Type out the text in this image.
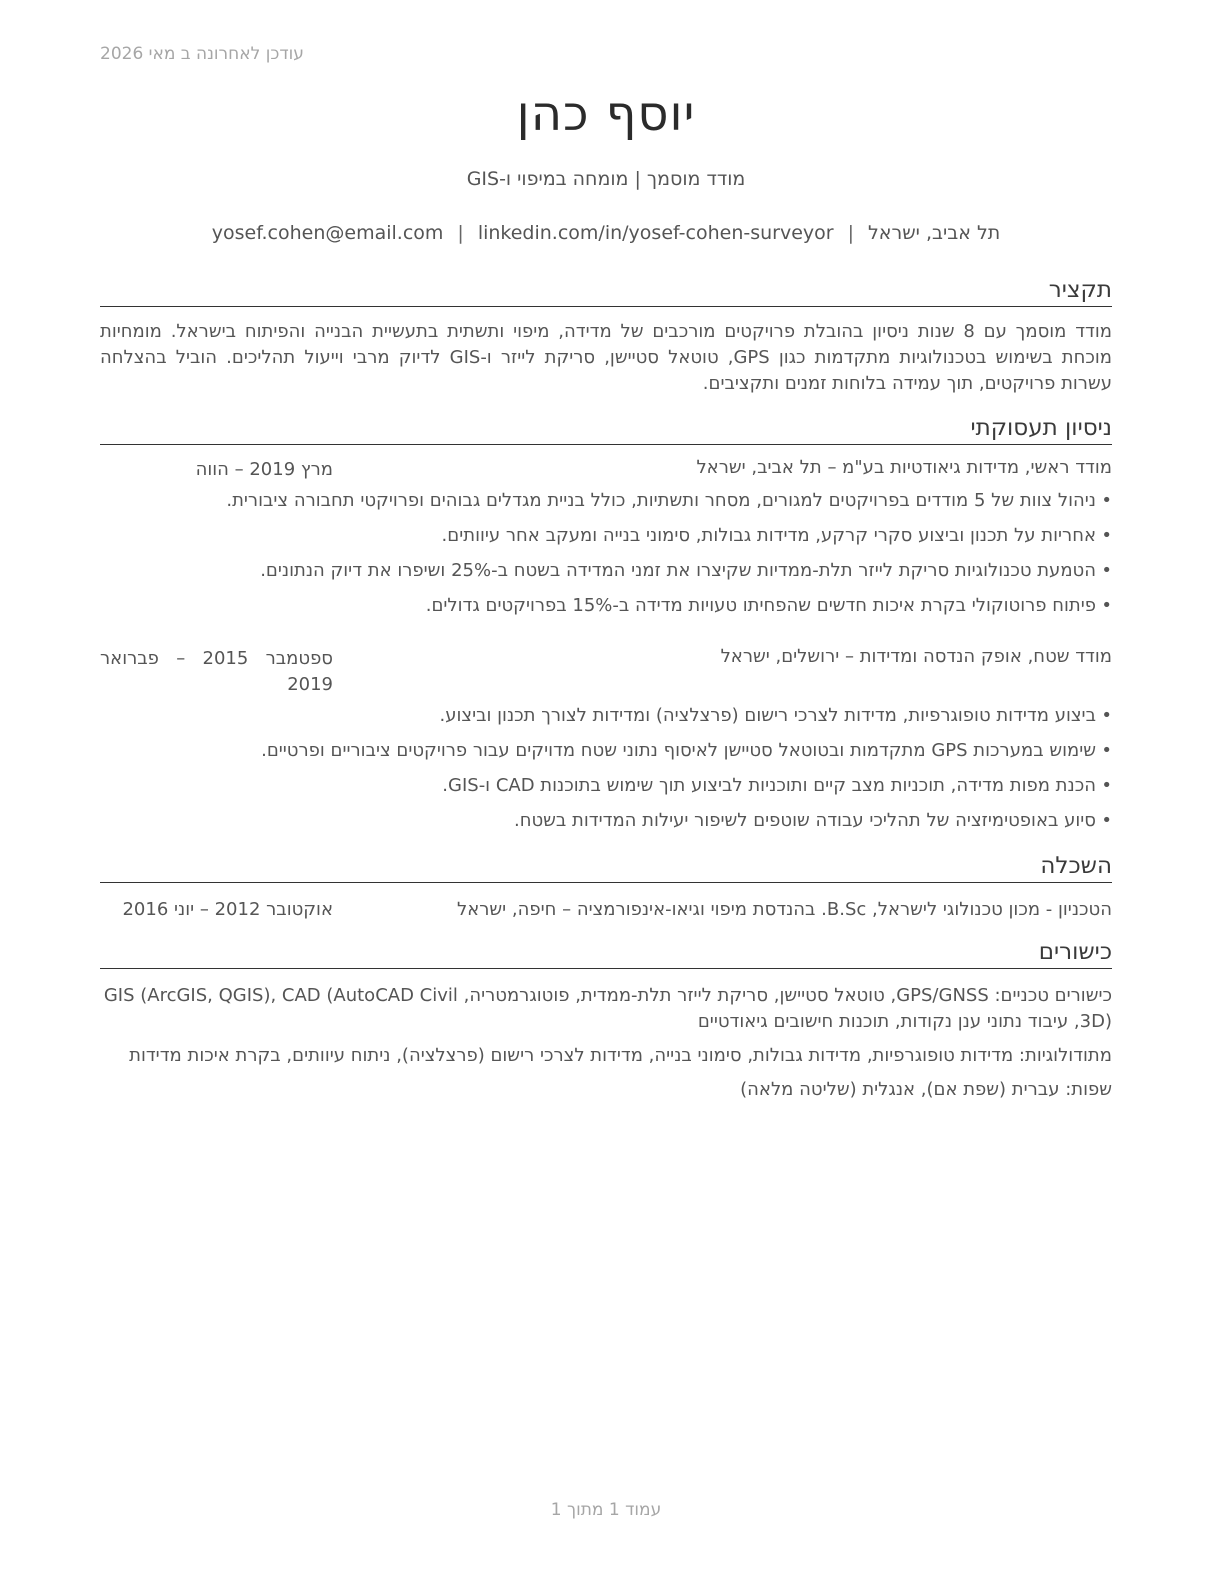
עודכן לאחרונה ב מאי 2026
יוסף כהן
מודד מוסמך | מומחה במיפוי ו-GIS
תל אביב, ישראל|yosef.cohen@email.com | linkedin.com/in/yosef-cohen-surveyor
תקציר
מודד מוסמך עם 8 שנות ניסיון בהובלת פרויקטים מורכבים של מדידה, מיפוי ותשתית בתעשיית הבנייה והפיתוח בישראל. מומחיות מוכחת בשימוש בטכנולוגיות מתקדמות כגון GPS, טוטאל סטיישן, סריקת לייזר ו-GIS לדיוק מרבי וייעול תהליכים. הוביל בהצלחה עשרות פרויקטים, תוך עמידה בלוחות זמנים ותקציבים.
ניסיון תעסוקתי
מודד ראשי, מדידות גיאודטיות בע"מ – תל אביב, ישראל
מרץ 2019 – הווה
• ניהול צוות של 5 מודדים בפרויקטים למגורים, מסחר ותשתיות, כולל בניית מגדלים גבוהים ופרויקטי תחבורה ציבורית.
• אחריות על תכנון וביצוע סקרי קרקע, מדידות גבולות, סימוני בנייה ומעקב אחר עיוותים.
• הטמעת טכנולוגיות סריקת לייזר תלת-ממדיות שקיצרו את זמני המדידה בשטח ב-25% ושיפרו את דיוק הנתונים.
• פיתוח פרוטוקולי בקרת איכות חדשים שהפחיתו טעויות מדידה ב-15% בפרויקטים גדולים.
מודד שטח, אופק הנדסה ומדידות – ירושלים, ישראל
ספטמבר 2015 – פברואר 2019
• ביצוע מדידות טופוגרפיות, מדידות לצרכי רישום (פרצלציה) ומדידות לצורך תכנון וביצוע.
• שימוש במערכות GPS מתקדמות ובטוטאל סטיישן לאיסוף נתוני שטח מדויקים עבור פרויקטים ציבוריים ופרטיים.
• הכנת מפות מדידה, תוכניות מצב קיים ותוכניות לביצוע תוך שימוש בתוכנות CAD ו-GIS.
• סיוע באופטימיזציה של תהליכי עבודה שוטפים לשיפור יעילות המדידות בשטח.
השכלה
הטכניון - מכון טכנולוגי לישראל, B.Sc. בהנדסת מיפוי וגיאו-אינפורמציה – חיפה, ישראל
אוקטובר 2012 – יוני 2016
כישורים
כישורים טכניים: GPS/GNSS, טוטאל סטיישן, סריקת לייזר תלת-ממדית, פוטוגרמטריה, GIS (ArcGIS, QGIS), CAD (AutoCAD Civil 3D), עיבוד נתוני ענן נקודות, תוכנות חישובים גיאודטיים
מתודולוגיות: מדידות טופוגרפיות, מדידות גבולות, סימוני בנייה, מדידות לצרכי רישום (פרצלציה), ניתוח עיוותים, בקרת איכות מדידות
שפות: עברית (שפת אם), אנגלית (שליטה מלאה)
עמוד 1 מתוך 1
